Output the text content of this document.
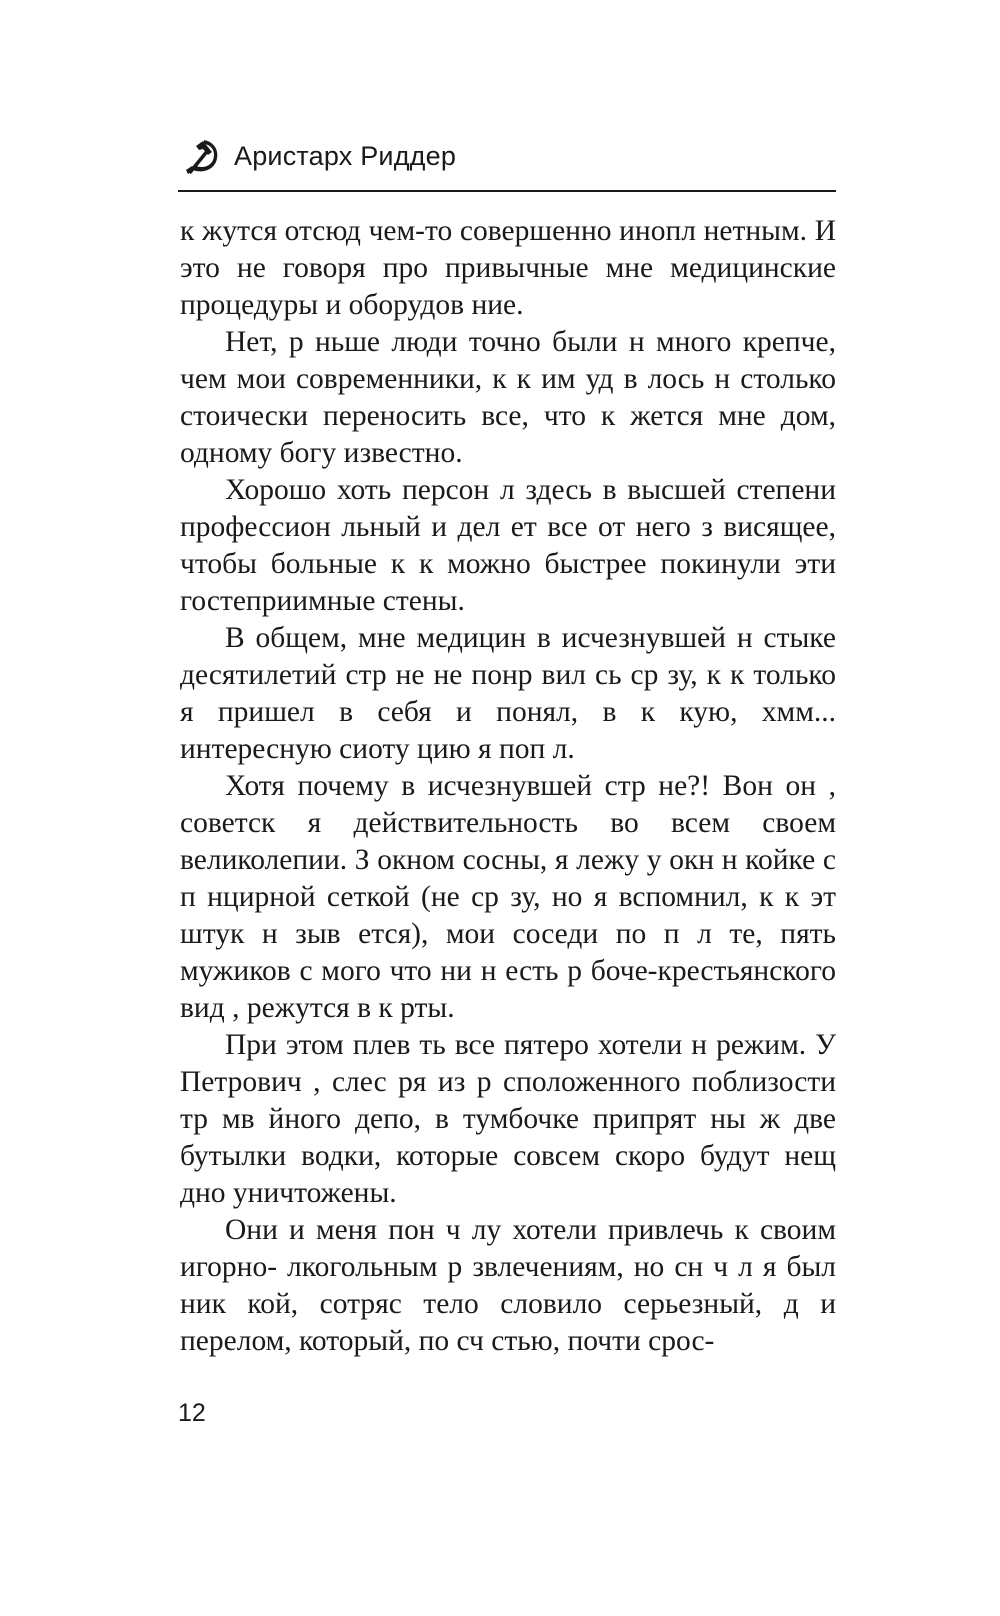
Аристарх Риддер

к жутся отсюд чем-то совершенно инопл нетным. И это не говоря про привычные мне медицинские процедуры и оборудов ние.

Нет, р ньше люди точно были н много крепче, чем мои современники, к к им уд в лось н столько стоически переносить все, что к жется мне дом, одному богу известно.

Хорошо хоть персон л здесь в высшей степени профессион льный и дел ет все от него з висящее, чтобы больные к к можно быстрее покинули эти гостеприимные стены.

В общем, мне медицин в исчезнувшей н стыке десятилетий стр не не понр вил сь ср зу, к к только я пришел в себя и понял, в к кую, хмм... интересную сиоту цию я поп л.

Хотя почему в исчезнувшей стр не?! Вон он , советск я действительность во всем своем великолепии. З окном сосны, я лежу у окн н койке с п нцирной сеткой (не ср зу, но я вспомнил, к к эт штук н зыв ется), мои соседи по п л те, пять мужиков с мого что ни н есть р боче-крестьянского вид , режутся в к рты.

При этом плев ть все пятеро хотели н режим. У Петрович , слес ря из р сположенного поблизости тр мв йного депо, в тумбочке припрят ны ж две бутылки водки, которые совсем скоро будут нещ дно уничтожены.

Они и меня пон ч лу хотели привлечь к своим игорно- лкогольным р звлечениям, но сн ч л я был ник кой, сотряс тело словило серьезный, д и перелом, который, по сч стью, почти срос-

12
